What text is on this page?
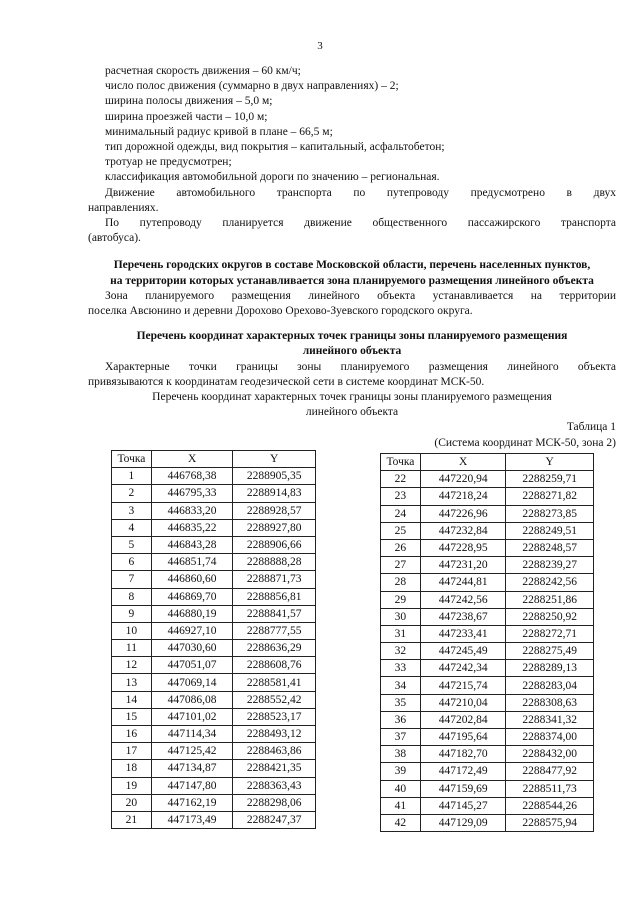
3

расчетная скорость движения – 60 км/ч;

число полос движения (суммарно в двух направлениях) – 2;

ширина полосы движения – 5,0 м;

ширина проезжей части – 10,0 м;

минимальный радиус кривой в плане – 66,5 м;

тип дорожной одежды, вид покрытия – капитальный, асфальтобетон;

тротуар не предусмотрен;

классификация автомобильной дороги по значению – региональная.

Движение автомобильного транспорта по путепроводу предусмотрено в двух

направлениях.

По путепроводу планируется движение общественного пассажирского транспорта

(автобуса).

Перечень городских округов в составе Московской области, перечень населенных пунктов,

на территории которых устанавливается зона планируемого размещения линейного объекта

Зона планируемого размещения линейного объекта устанавливается на территории

поселка Авсюнино и деревни Дорохово Орехово-Зуевского городского округа.

Перечень координат характерных точек границы зоны планируемого размещения

линейного объекта

Характерные точки границы зоны планируемого размещения линейного объекта

привязываются к координатам геодезической сети в системе координат МСК-50.

Перечень координат характерных точек границы зоны планируемого размещения

линейного объекта

Таблица 1

(Система координат МСК-50, зона 2)

Точка	X	Y
1	446768,38	2288905,35
2	446795,33	2288914,83
3	446833,20	2288928,57
4	446835,22	2288927,80
5	446843,28	2288906,66
6	446851,74	2288888,28
7	446860,60	2288871,73
8	446869,70	2288856,81
9	446880,19	2288841,57
10	446927,10	2288777,55
11	447030,60	2288636,29
12	447051,07	2288608,76
13	447069,14	2288581,41
14	447086,08	2288552,42
15	447101,02	2288523,17
16	447114,34	2288493,12
17	447125,42	2288463,86
18	447134,87	2288421,35
19	447147,80	2288363,43
20	447162,19	2288298,06
21	447173,49	2288247,37
Точка	X	Y
22	447220,94	2288259,71
23	447218,24	2288271,82
24	447226,96	2288273,85
25	447232,84	2288249,51
26	447228,95	2288248,57
27	447231,20	2288239,27
28	447244,81	2288242,56
29	447242,56	2288251,86
30	447238,67	2288250,92
31	447233,41	2288272,71
32	447245,49	2288275,49
33	447242,34	2288289,13
34	447215,74	2288283,04
35	447210,04	2288308,63
36	447202,84	2288341,32
37	447195,64	2288374,00
38	447182,70	2288432,00
39	447172,49	2288477,92
40	447159,69	2288511,73
41	447145,27	2288544,26
42	447129,09	2288575,94
